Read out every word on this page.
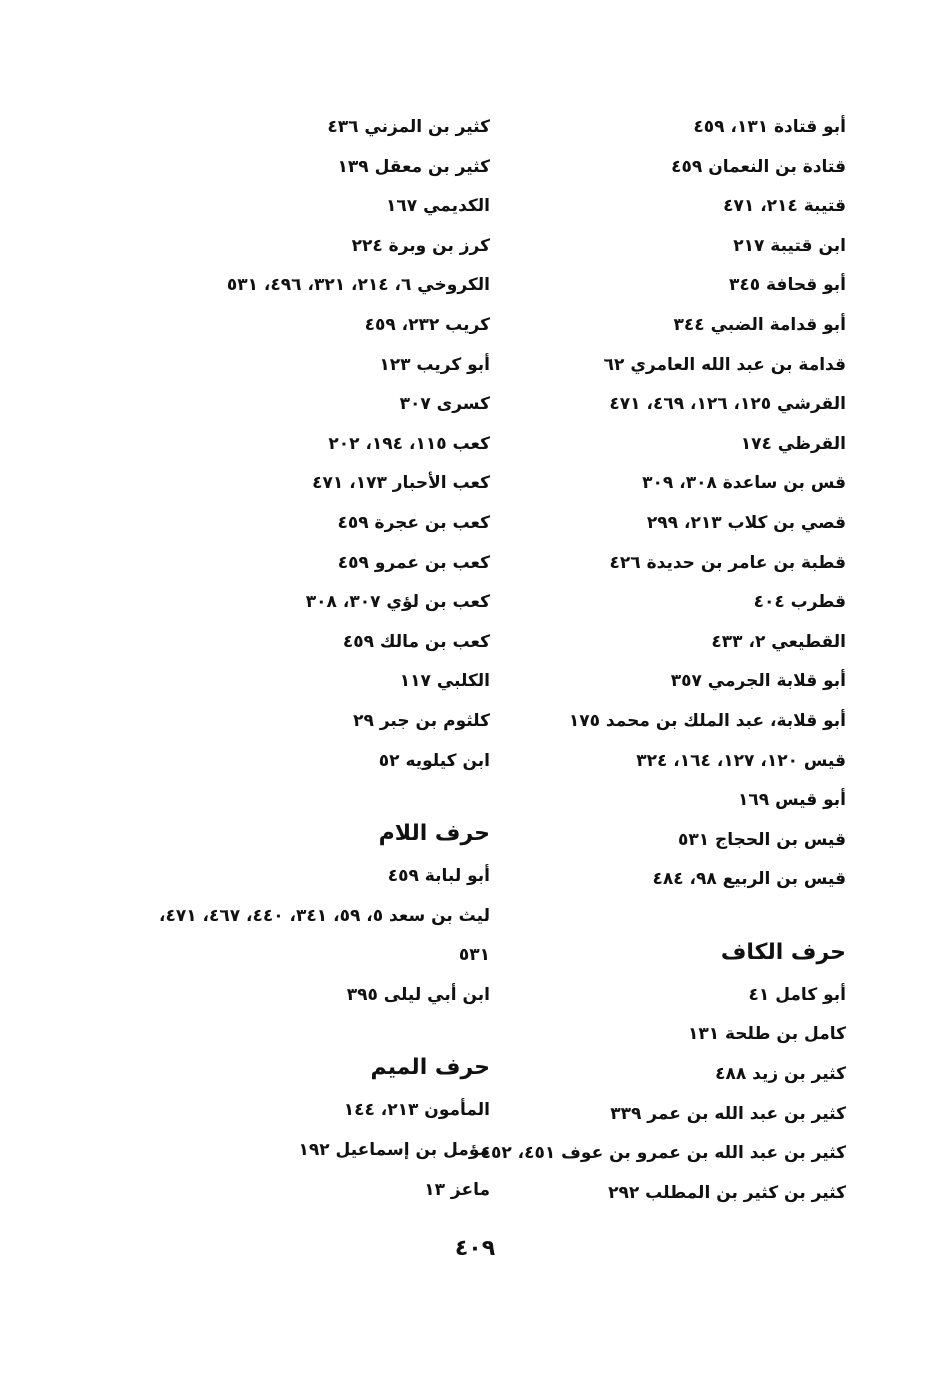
أبو قتادة ١٣١، ٤٥٩
قتادة بن النعمان ٤٥٩
قتيبة ٢١٤، ٤٧١
ابن قتيبة ٢١٧
أبو قحافة ٣٤٥
أبو قدامة الضبي ٣٤٤
قدامة بن عبد الله العامري ٦٢
القرشي ١٢٥، ١٢٦، ٤٦٩، ٤٧١
القرظي ١٧٤
قس بن ساعدة ٣٠٨، ٣٠٩
قصي بن كلاب ٢١٣، ٢٩٩
قطبة بن عامر بن حديدة ٤٢٦
قطرب ٤٠٤
القطيعي ٢، ٤٣٣
أبو قلابة الجرمي ٣٥٧
أبو قلابة، عبد الملك بن محمد ١٧٥
قيس ١٢٠، ١٢٧، ١٦٤، ٣٢٤
أبو قيس ١٦٩
قيس بن الحجاج ٥٣١
قيس بن الربيع ٩٨، ٤٨٤
حرف الكاف
أبو كامل ٤١
كامل بن طلحة ١٣١
كثير بن زيد ٤٨٨
كثير بن عبد الله بن عمر ٣٣٩
كثير بن عبد الله بن عمرو بن عوف ٤٥١، ٤٥٢
كثير بن كثير بن المطلب ٢٩٢
كثير بن المزني ٤٣٦
كثير بن معقل ١٣٩
الكديمي ١٦٧
كرز بن وبرة ٢٢٤
الكروخي ٦، ٢١٤، ٣٢١، ٤٩٦، ٥٣١
كريب ٢٣٢، ٤٥٩
أبو كريب ١٢٣
كسرى ٣٠٧
كعب ١١٥، ١٩٤، ٢٠٢
كعب الأحبار ١٧٣، ٤٧١
كعب بن عجرة ٤٥٩
كعب بن عمرو ٤٥٩
كعب بن لؤي ٣٠٧، ٣٠٨
كعب بن مالك ٤٥٩
الكلبي ١١٧
كلثوم بن جبر ٢٩
ابن كيلويه ٥٢
حرف اللام
أبو لبابة ٤٥٩
ليث بن سعد ٥، ٥٩، ٣٤١، ٤٤٠، ٤٦٧، ٤٧١،
٥٣١
ابن أبي ليلى ٣٩٥
حرف الميم
المأمون ٢١٣، ١٤٤
مؤمل بن إسماعيل ١٩٢
ماعز ١٣
٤٠٩
